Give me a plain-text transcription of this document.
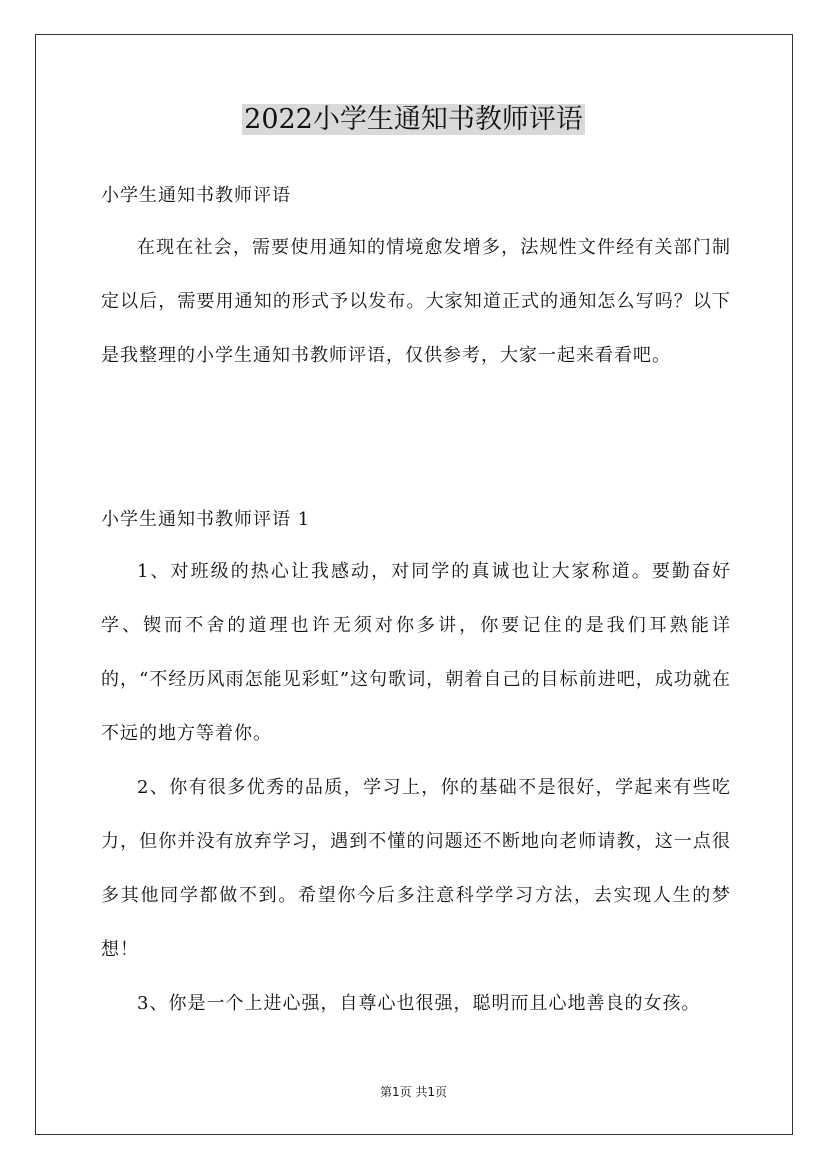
2022小学生通知书教师评语
小学生通知书教师评语

在现在社会，需要使用通知的情境愈发增多，法规性文件经有关部门制定以后，需要用通知的形式予以发布。大家知道正式的通知怎么写吗？以下是我整理的小学生通知书教师评语，仅供参考，大家一起来看看吧。

小学生通知书教师评语 1

1、对班级的热心让我感动，对同学的真诚也让大家称道。要勤奋好学、锲而不舍的道理也许无须对你多讲，你要记住的是我们耳熟能详的，“不经历风雨怎能见彩虹”这句歌词，朝着自己的目标前进吧，成功就在不远的地方等着你。

2、你有很多优秀的品质，学习上，你的基础不是很好，学起来有些吃力，但你并没有放弃学习，遇到不懂的问题还不断地向老师请教，这一点很多其他同学都做不到。希望你今后多注意科学学习方法，去实现人生的梦想！

3、你是一个上进心强，自尊心也很强，聪明而且心地善良的女孩。

第1页 共1页
